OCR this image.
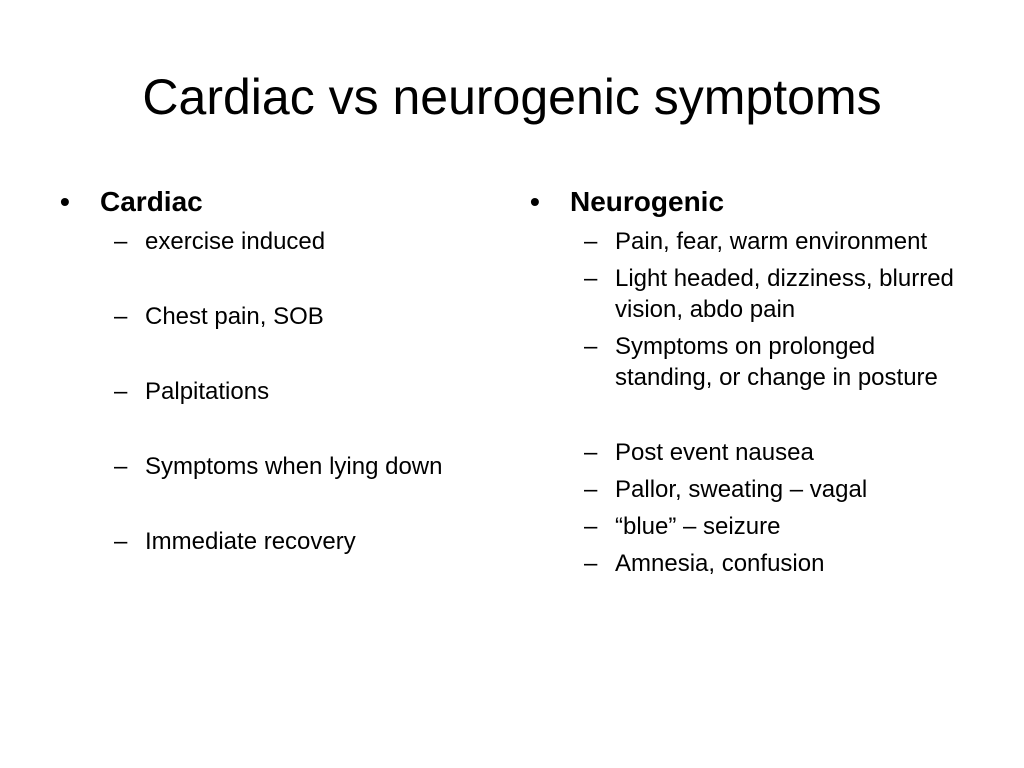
Cardiac vs neurogenic symptoms
• Cardiac
– exercise induced
– Chest pain, SOB
– Palpitations
– Symptoms when lying down
– Immediate recovery
• Neurogenic
– Pain, fear, warm environment
– Light headed, dizziness, blurred vision, abdo pain
– Symptoms on prolonged standing, or change in posture
– Post event nausea
– Pallor, sweating – vagal
– “blue” – seizure
– Amnesia, confusion
